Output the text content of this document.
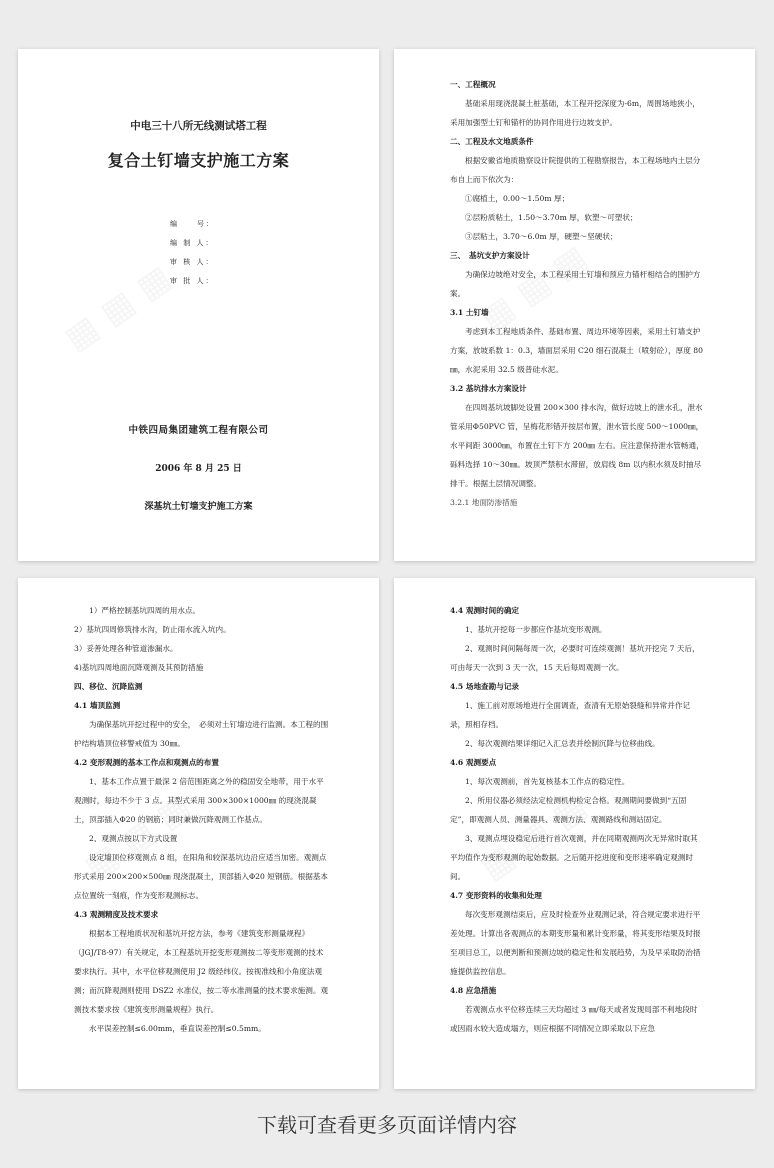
中电三十八所无线测试塔工程
复合土钉墙支护施工方案
编　　号：
编 制 人：
审 核 人：
审 批 人：
中铁四局集团建筑工程有限公司
2006 年 8 月 25 日
深基坑土钉墙支护施工方案

一、工程概况

基础采用现浇混凝土桩基础，本工程开挖深度为-6m，周围场地狭小，采用加强型土钉和锚杆的协同作用进行边坡支护。

二、工程及水文地质条件

根据安徽省地质勘察设计院提供的工程勘察报告，本工程场地内土层分布自上而下依次为：

①腐植土，0.00～1.50m 厚；

②层粉质粘土，1.50～3.70m 厚，软塑～可塑状；

③层粘土，3.70～6.0m 厚，硬塑～坚硬状；

三、　基坑支护方案设计

为确保边坡绝对安全，本工程采用土钉墙和预应力锚杆相结合的围护方案。

3.1 土钉墙

考虑到本工程地质条件、基础布置、周边环境等因素，采用土钉墙支护方案，放坡系数 1：0.3，墙面层采用 C20 细石混凝土（喷射砼），厚度 80㎜，水泥采用 32.5 级普硅水泥。

3.2 基坑排水方案设计

在四周基坑坡脚处设置 200×300 排水沟，做好边坡上的泄水孔，泄水管采用Φ50PVC 管，呈梅花形错开按层布置，泄水管长度 500～1000㎜，水平间距 3000㎜，布置在土钉下方 200㎜ 左右。应注意保持泄水管畅通，砾料选择 10～30㎜。坡顶严禁积水滞留，放肩线 8m 以内积水须及时抽尽排干。根据土层情况调整。

3.2.1 地面防渗措施

1）严格控制基坑四周的用水点。

2）基坑四周修筑排水沟，防止雨水流入坑内。

3）妥善处理各种管道渗漏水。

4)基坑四周地面沉降观测及其预防措施

四、移位、沉降监测

4.1 墙顶监测

为确保基坑开挖过程中的安全，　必须对土钉墙边进行监测。本工程的围护结构墙顶位移警戒值为 30㎜。

4.2 变形观测的基本工作点和观测点的布置

1、基本工作点置于最深 2 倍范围距离之外的稳固安全地带，用于水平观测时，每边不少于 3 点。其型式采用 300×300×1000㎜ 的现浇混凝土，顶部插入Φ20 的钢筋；同时兼做沉降观测工作基点。

2、观测点按以下方式设置

设定墙顶位移观测点 8 组，在阳角和较深基坑边沿应适当加密。观测点形式采用 200×200×500㎜ 现浇混凝土，顶部插入Φ20 短钢筋。根据基本点位置统一刻痕，作为变形观测标志。

4.3 观测精度及技术要求

根据本工程地质状况和基坑开挖方法，参考《建筑变形测量规程》（JGJ/T8-97）有关规定，本工程基坑开挖变形观测按二等变形观测的技术要求执行。其中，水平位移观测使用 J2 级经纬仪。按视准线和小角度法观测；而沉降观测则使用 DSZ2 水准仪，按二等水准测量的技术要求施测。观测技术要求按《建筑变形测量规程》执行。

水平误差控制≤6.00mm，垂直误差控制≤0.5mm。

4.4 观测时间的确定

1、基坑开挖每一步都应作基坑变形观测。

2、观测时间间隔每周一次，必要时可连续观测！基坑开挖完 7 天后，可由每天一次到 3 天一次，15 天后每周观测一次。

4.5 场地查勘与记录

1、施工前对原场地进行全面调查，查清有无原始裂缝和异常并作记录，照相存档。

2、每次观测结果详细记入汇总表并绘制沉降与位移曲线。

4.6 观测要点

1、每次观测前，首先复核基本工作点的稳定性。

2、所用仪器必须经法定检测机构检定合格。观测期间要做到“五固定”，即观测人员、测量器具、观测方法、观测路线和测站固定。

3、观测点埋设稳定后进行首次观测，并在同期观测两次无异常时取其平均值作为变形观测的起始数据。之后随开挖进度和变形速率确定观测时间。

4.7 变形资料的收集和处理

每次变形观测结束后，应及时检查外业观测记录，符合规定要求进行平差处理。计算出各观测点的本期变形量和累计变形量，将其变形结果及时报至项目总工，以便判断和预测边坡的稳定性和发展趋势，为及早采取防治措施提供监控信息。

4.8 应急措施

若观测点水平位移连续三天均超过 3 ㎜/每天或者发现局部不利地段时或因雨水较大造成塌方，则应根据不同情况立即采取以下应急

下载可查看更多页面详情内容
